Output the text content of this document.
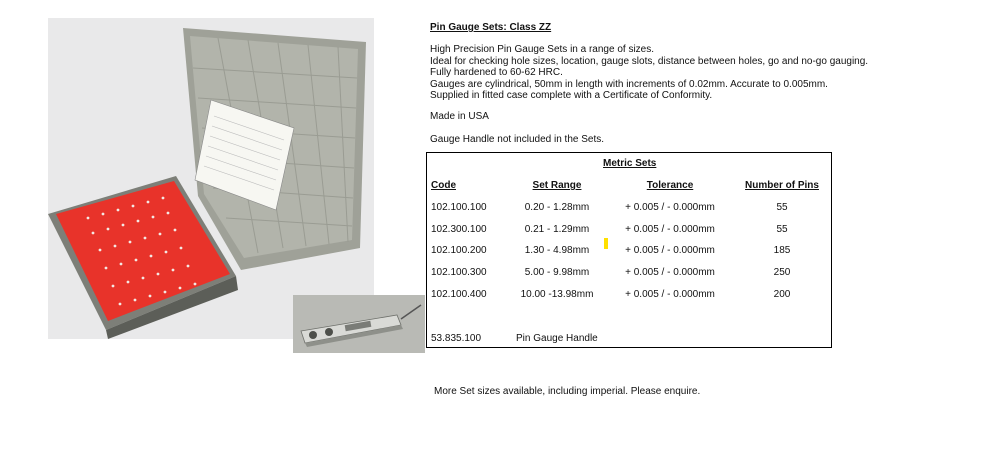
Pin Gauge Sets: Class ZZ
High Precision Pin Gauge Sets in a range of sizes.
Ideal for checking hole sizes, location, gauge slots, distance between holes, go and no-go gauging.
Fully hardened to 60-62 HRC.
Gauges are cylindrical, 50mm in length with increments of 0.02mm. Accurate to 0.005mm.
Supplied in fitted case complete with a Certificate of Conformity.
Made in USA
Gauge Handle not included in the Sets.
Metric Sets
Code	Set Range	Tolerance	Number of Pins
102.100.100	0.20 - 1.28mm	+ 0.005 / - 0.000mm	55
102.300.100	0.21 - 1.29mm	+ 0.005 / - 0.000mm	55
102.100.200	1.30 - 4.98mm	+ 0.005 / - 0.000mm	185
102.100.300	5.00 - 9.98mm	+ 0.005 / - 0.000mm	250
102.100.400	10.00 -13.98mm	+ 0.005 / - 0.000mm	200
53.835.100	Pin Gauge Handle
More Set sizes available, including imperial. Please enquire.
